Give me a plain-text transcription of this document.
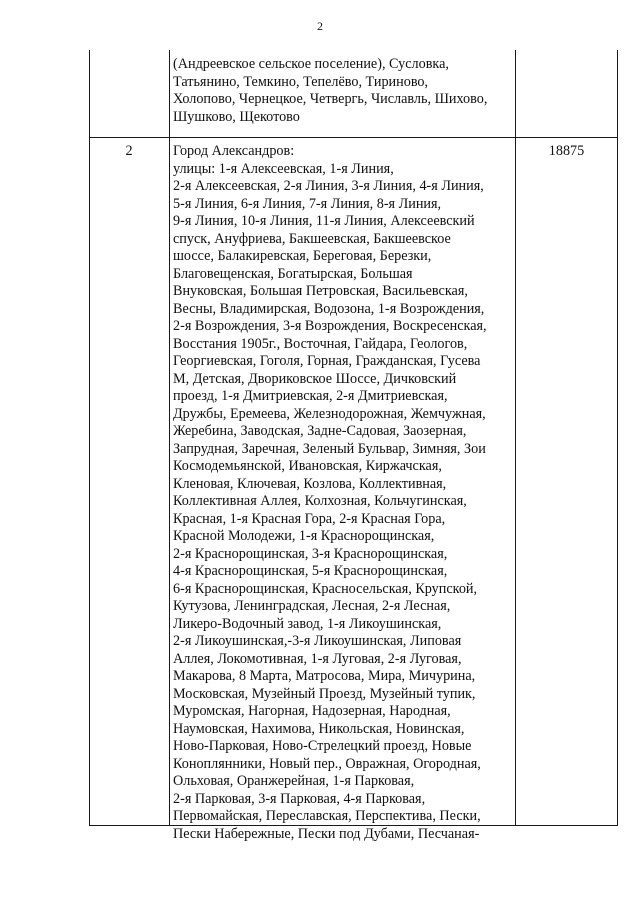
2
(Андреевское сельское поселение), Сусловка,
Татьянино, Темкино, Тепелёво, Тириново,
Холопово, Чернецкое, Четвергь, Числавль, Шихово,
Шушково, Щекотово
2	Город Александров:
улицы: 1-я Алексеевская, 1-я Линия,
2-я Алексеевская, 2-я Линия, 3-я Линия, 4-я Линия,
5-я Линия, 6-я Линия, 7-я Линия, 8-я Линия,
9-я Линия, 10-я Линия, 11-я Линия, Алексеевский
спуск, Ануфриева, Бакшеевская, Бакшеевское
шоссе, Балакиревская, Береговая, Березки,
Благовещенская, Богатырская, Большая
Внуковская, Большая Петровская, Васильевская,
Весны, Владимирская, Водозона, 1-я Возрождения,
2-я Возрождения, 3-я Возрождения, Воскресенская,
Восстания 1905г., Восточная, Гайдара, Геологов,
Георгиевская, Гоголя, Горная, Гражданская, Гусева
М, Детская, Двориковское Шоссе, Дичковский
проезд, 1-я Дмитриевская, 2-я Дмитриевская,
Дружбы, Еремеева, Железнодорожная, Жемчужная,
Жеребина, Заводская, Задне-Садовая, Заозерная,
Запрудная, Заречная, Зеленый Бульвар, Зимняя, Зои
Космодемьянской, Ивановская, Киржачская,
Кленовая, Ключевая, Козлова, Коллективная,
Коллективная Аллея, Колхозная, Кольчугинская,
Красная, 1-я Красная Гора, 2-я Красная Гора,
Красной Молодежи, 1-я Краснорощинская,
2-я Краснорощинская, 3-я Краснорощинская,
4-я Краснорощинская, 5-я Краснорощинская,
6-я Краснорощинская, Красносельская, Крупской,
Кутузова, Ленинградская, Лесная, 2-я Лесная,
Ликеро-Водочный завод, 1-я Ликоушинская,
2-я Ликоушинская,-3-я Ликоушинская, Липовая
Аллея, Локомотивная, 1-я Луговая, 2-я Луговая,
Макарова, 8 Марта, Матросова, Мира, Мичурина,
Московская, Музейный Проезд, Музейный тупик,
Муромская, Нагорная, Надозерная, Народная,
Наумовская, Нахимова, Никольская, Новинская,
Ново-Парковая, Ново-Стрелецкий проезд, Новые
Коноплянники, Новый пер., Овражная, Огородная,
Ольховая, Оранжерейная, 1-я Парковая,
2-я Парковая, 3-я Парковая, 4-я Парковая,
Первомайская, Переславская, Перспектива, Пески,
Пески Набережные, Пески под Дубами, Песчаная-
18875
